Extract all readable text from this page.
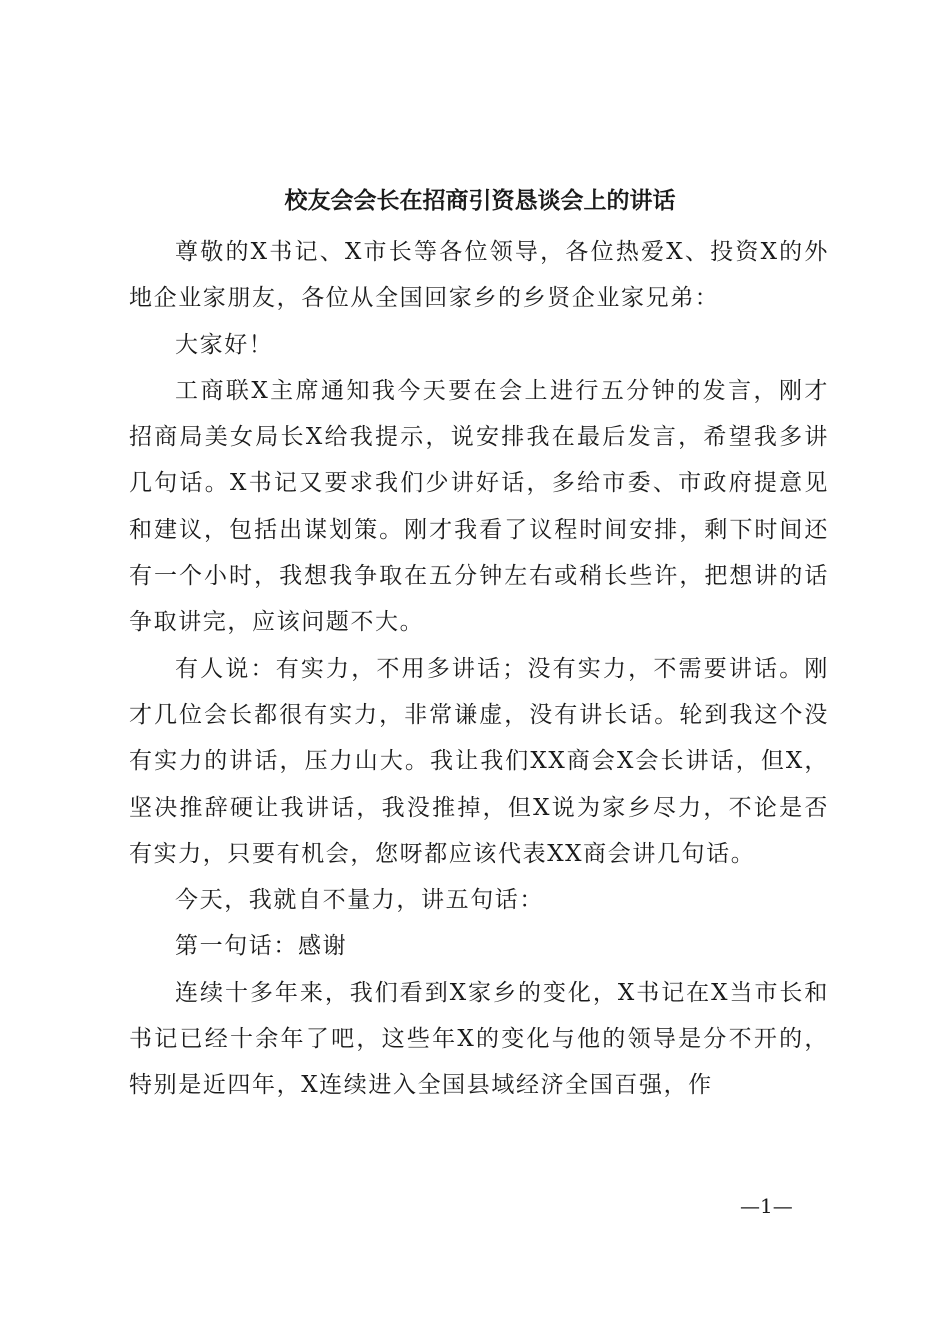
校友会会长在招商引资恳谈会上的讲话

尊敬的X书记、X市长等各位领导，各位热爱X、投资X的外地企业家朋友，各位从全国回家乡的乡贤企业家兄弟：

大家好！

工商联X主席通知我今天要在会上进行五分钟的发言，刚才招商局美女局长X给我提示，说安排我在最后发言，希望我多讲几句话。X书记又要求我们少讲好话，多给市委、市政府提意见和建议，包括出谋划策。刚才我看了议程时间安排，剩下时间还有一个小时，我想我争取在五分钟左右或稍长些许，把想讲的话争取讲完，应该问题不大。

有人说：有实力，不用多讲话；没有实力，不需要讲话。刚才几位会长都很有实力，非常谦虚，没有讲长话。轮到我这个没有实力的讲话，压力山大。我让我们XX商会X会长讲话，但X，坚决推辞硬让我讲话，我没推掉，但X说为家乡尽力，不论是否有实力，只要有机会，您呀都应该代表XX商会讲几句话。

今天，我就自不量力，讲五句话：

第一句话：感谢

连续十多年来，我们看到X家乡的变化，X书记在X当市长和书记已经十余年了吧，这些年X的变化与他的领导是分不开的，特别是近四年，X连续进入全国县域经济全国百强，作

—1—
